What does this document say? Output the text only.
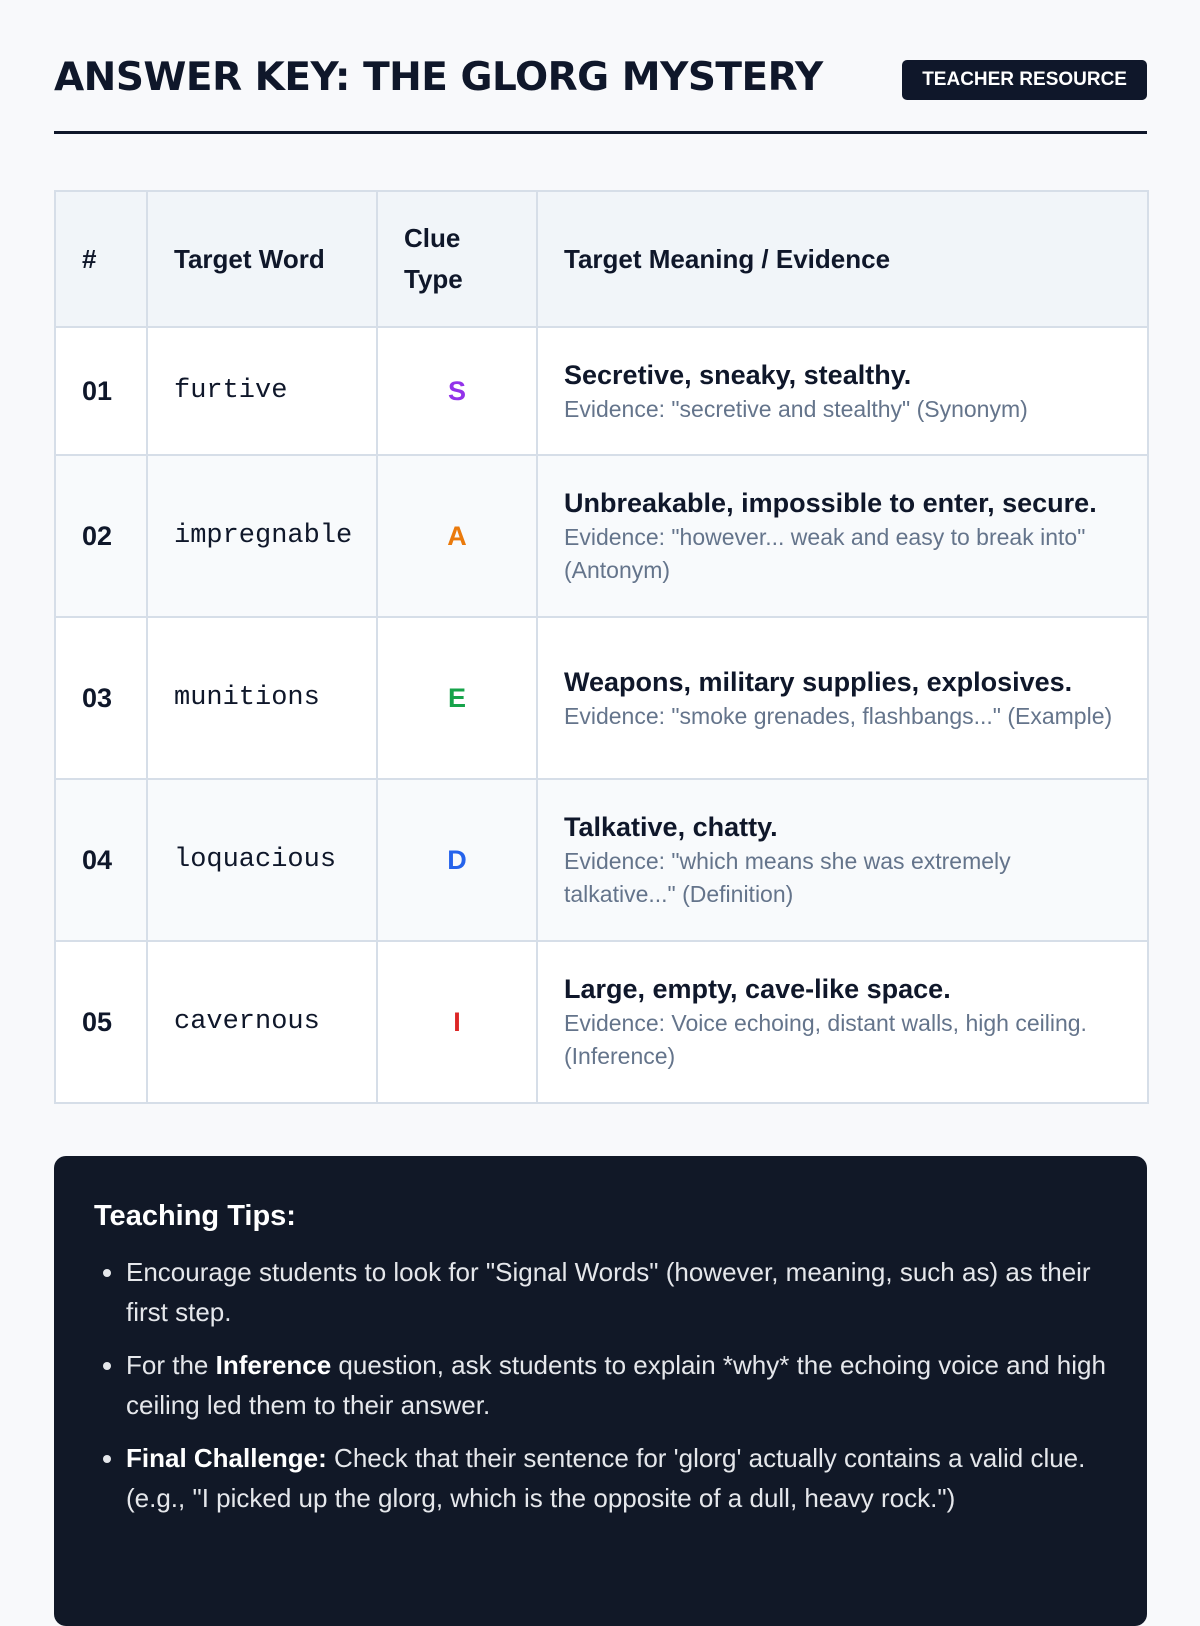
ANSWER KEY: THE GLORG MYSTERY	TEACHER RESOURCE
#	Target Word	Clue Type	Target Meaning / Evidence
01	furtive	S	Secretive, sneaky, stealthy.
Evidence: "secretive and stealthy" (Synonym)

02	impregnable	A	Unbreakable, impossible to enter, secure.
Evidence: "however... weak and easy to break into" (Antonym)

03	munitions	E	Weapons, military supplies, explosives.
Evidence: "smoke grenades, flashbangs..." (Example)

04	loquacious	D	Talkative, chatty.
Evidence: "which means she was extremely talkative..." (Definition)

05	cavernous	I	Large, empty, cave-like space.
Evidence: Voice echoing, distant walls, high ceiling. (Inference)
Teaching Tips:
• Encourage students to look for "Signal Words" (however, meaning, such as) as their first step.
• For the Inference question, ask students to explain *why* the echoing voice and high ceiling led them to their answer.
• Final Challenge: Check that their sentence for 'glorg' actually contains a valid clue. (e.g., "I picked up the glorg, which is the opposite of a dull, heavy rock.")
